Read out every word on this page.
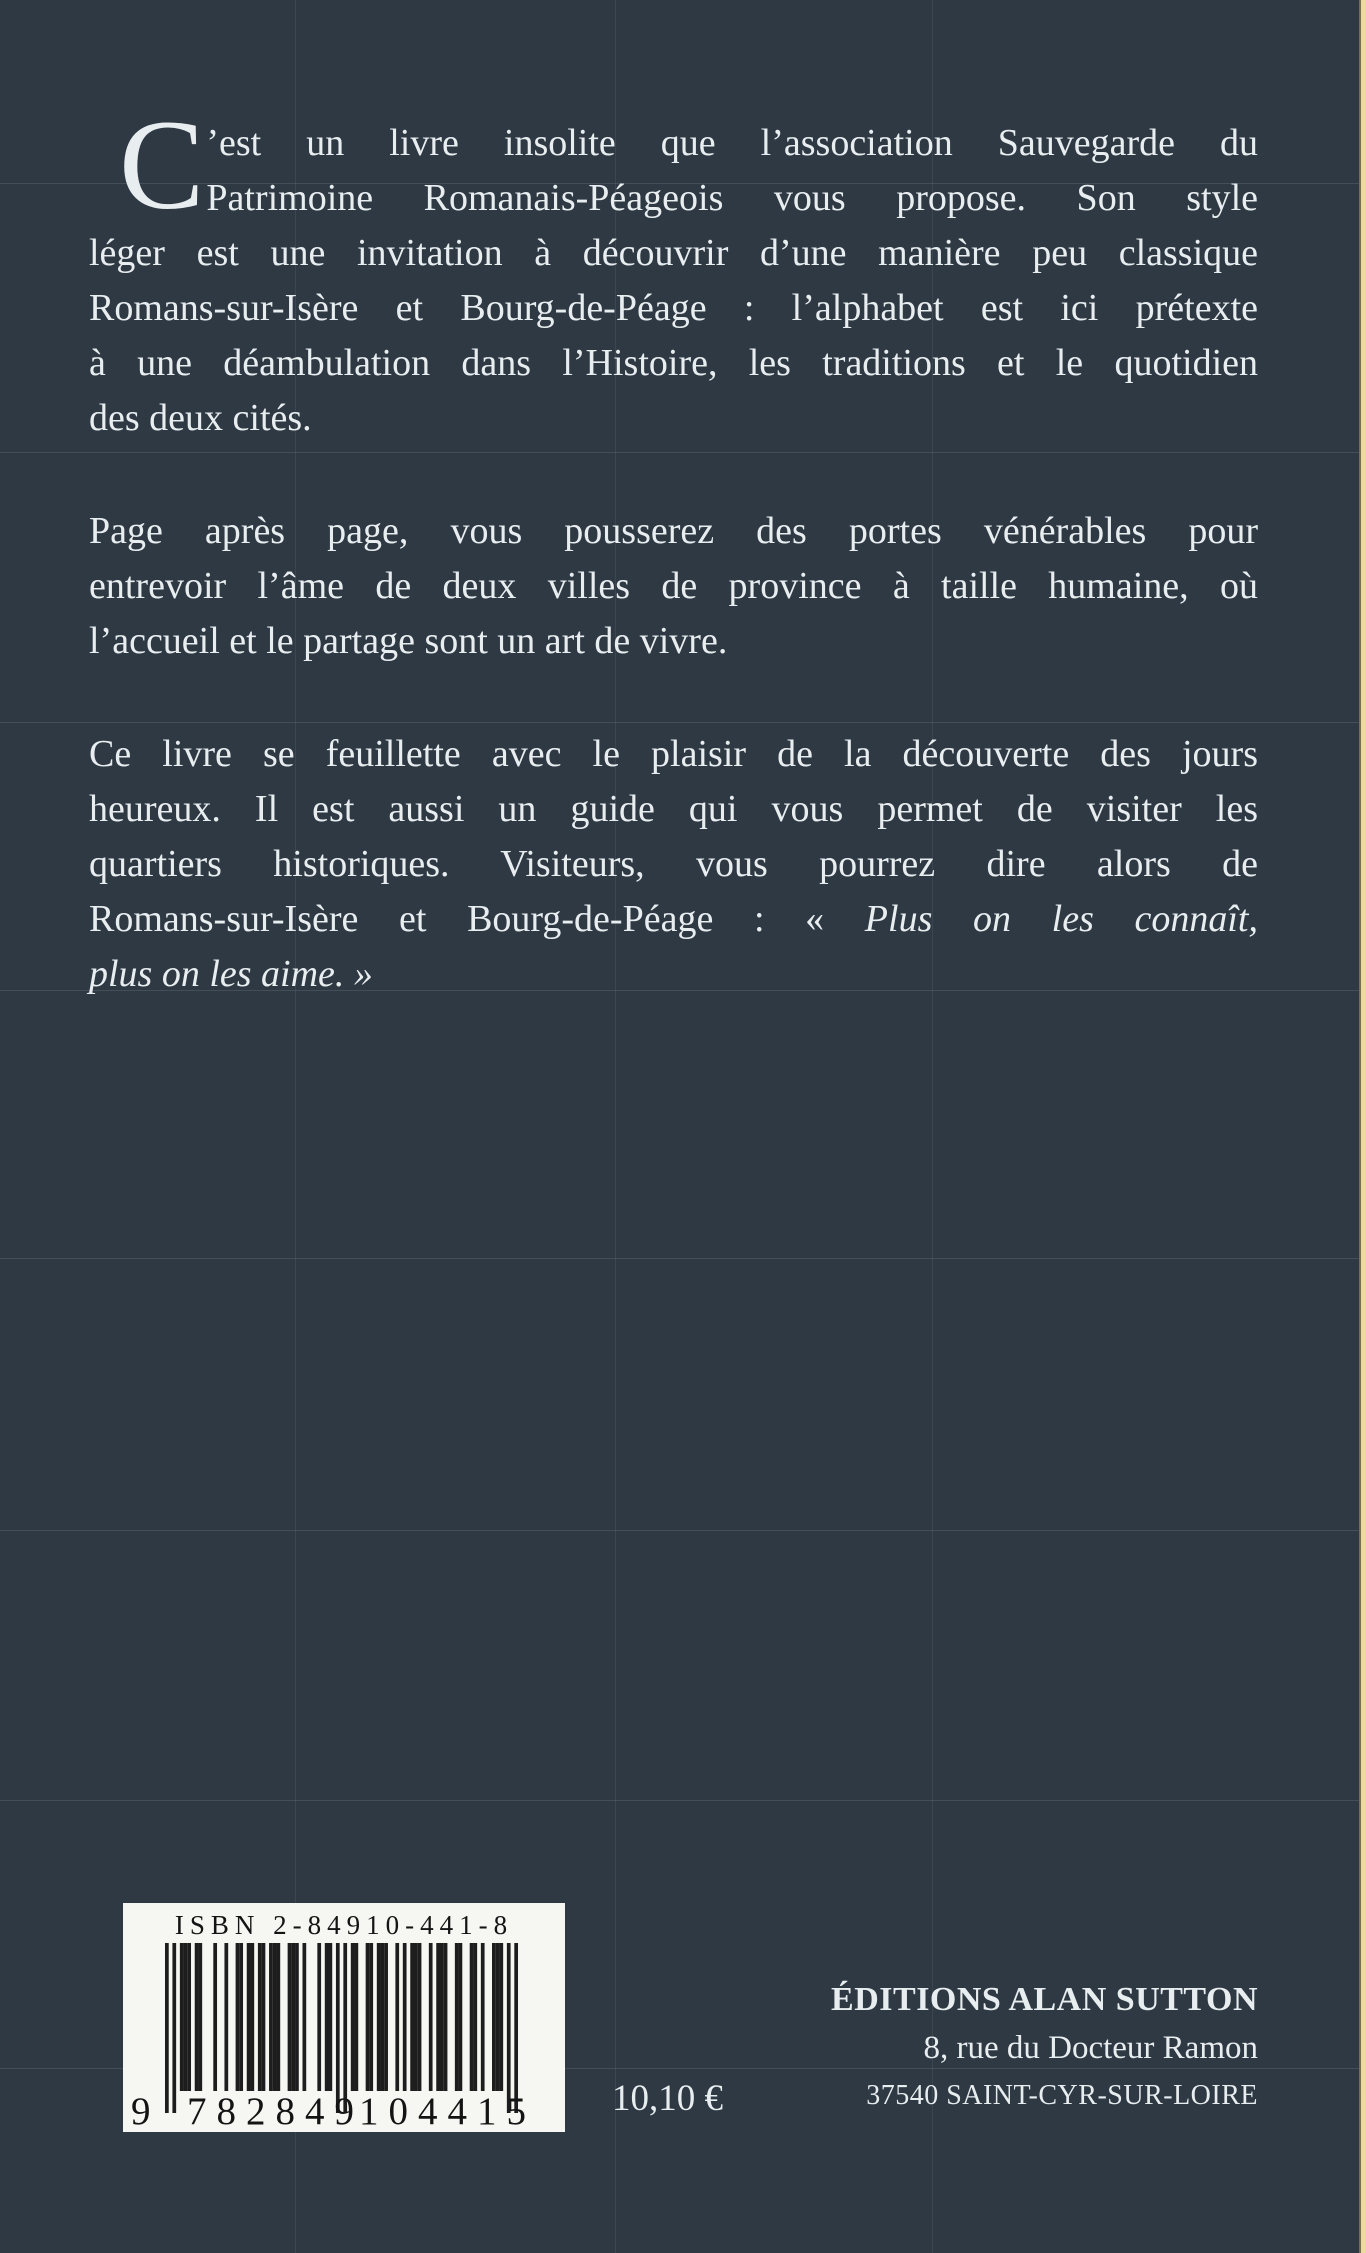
C ’est un livre insolite que l’association Sauvegarde du
Patrimoine Romanais-Péageois vous propose. Son style
léger est une invitation à découvrir d’une manière peu classique
Romans-sur-Isère et Bourg-de-Péage : l’alphabet est ici prétexte
à une déambulation dans l’Histoire, les traditions et le quotidien
des deux cités.
Page après page, vous pousserez des portes vénérables pour
entrevoir l’âme de deux villes de province à taille humaine, où
l’accueil et le partage sont un art de vivre.
Ce livre se feuillette avec le plaisir de la découverte des jours
heureux. Il est aussi un guide qui vous permet de visiter les
quartiers historiques. Visiteurs, vous pourrez dire alors de
Romans-sur-Isère et Bourg-de-Péage : « Plus on les connaît,
plus on les aime. »
ISBN 2-84910-441-8
9 782849
104415 10,10 €
ÉDITIONS ALAN SUTTON
8, rue du Docteur Ramon
37540 SAINT-CYR-SUR-LOIRE
